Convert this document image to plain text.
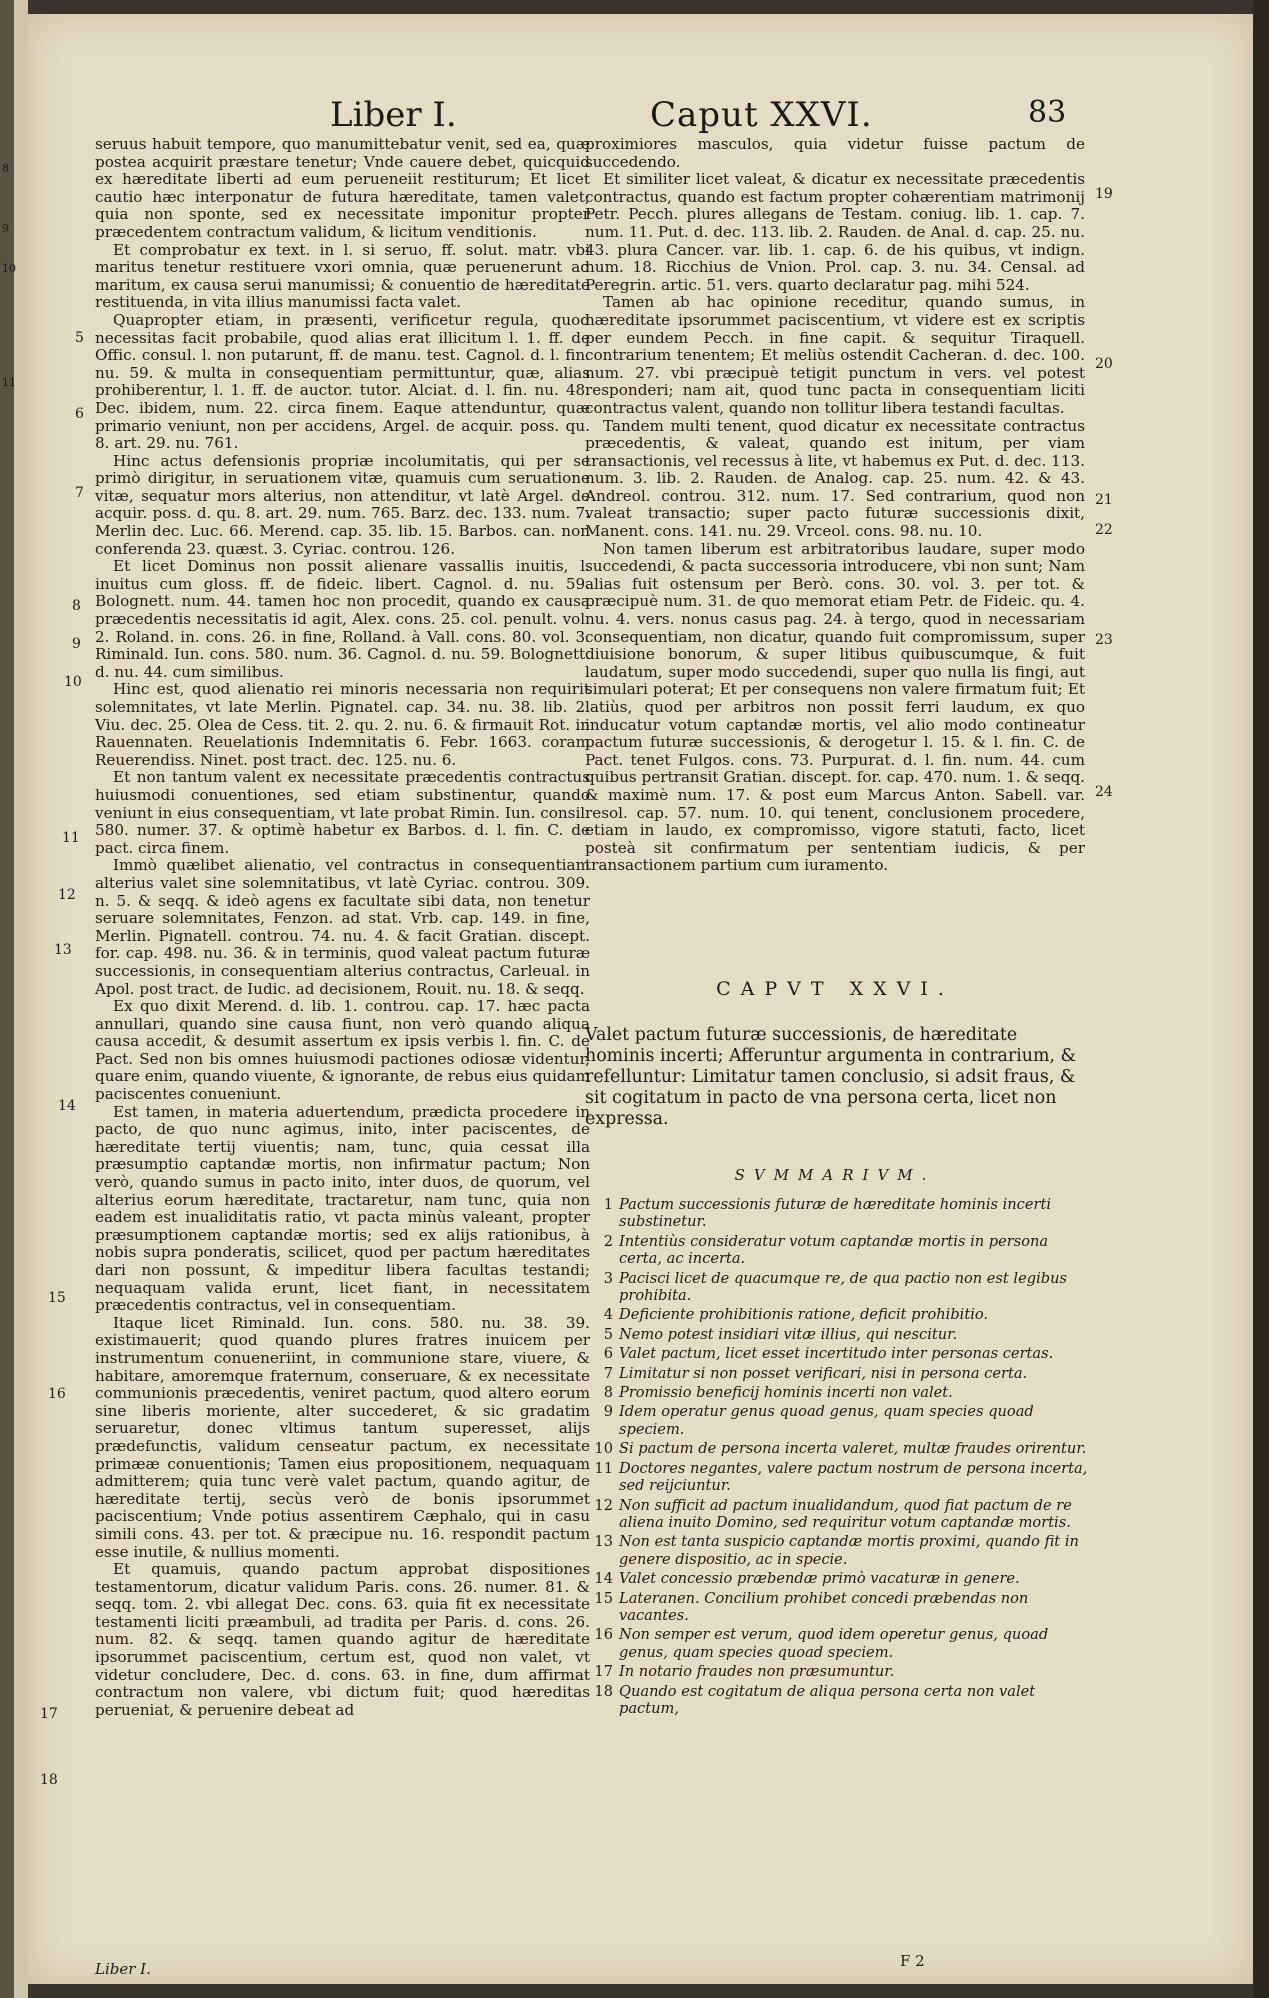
8
9
10
11
Liber I.	Caput XXVI.	83

seruus habuit tempore, quo manumittebatur venit, sed ea, quæ postea acquirit præstare tenetur; Vnde cauere debet, quicquid ex hæreditate liberti ad eum perueneiit restiturum; Et licet cautio hæc interponatur de futura hæreditate, tamen valet; quia non sponte, sed ex necessitate imponitur propter præcedentem contractum validum, & licitum venditionis.

Et comprobatur ex text. in l. si seruo, ff. solut. matr. vbi maritus tenetur restituere vxori omnia, quæ peruenerunt ad maritum, ex causa serui manumissi; & conuentio de hæreditate restituenda, in vita illius manumissi facta valet.

Quapropter etiam, in præsenti, verificetur regula, quod necessitas facit probabile, quod alias erat illicitum l. 1. ff. de Offic. consul. l. non putarunt, ff. de manu. test. Cagnol. d. l. fin. nu. 59. & multa in consequentiam permittuntur, quæ, alias prohiberentur, l. 1. ff. de auctor. tutor. Alciat. d. l. fin. nu. 48. Dec. ibidem, num. 22. circa finem. Eaque attenduntur, quæ primario veniunt, non per accidens, Argel. de acquir. poss. qu. 8. art. 29. nu. 761.

Hinc actus defensionis propriæ incolumitatis, qui per se primò dirigitur, in seruationem vitæ, quamuis cum seruatione vitæ, sequatur mors alterius, non attenditur, vt latè Argel. de acquir. poss. d. qu. 8. art. 29. num. 765. Barz. dec. 133. num. 7. Merlin dec. Luc. 66. Merend. cap. 35. lib. 15. Barbos. can. non conferenda 23. quæst. 3. Cyriac. controu. 126.

Et licet Dominus non possit alienare vassallis inuitis, l. inuitus cum gloss. ff. de fideic. libert. Cagnol. d. nu. 59. Bolognett. num. 44. tamen hoc non procedit, quando ex causa præcedentis necessitatis id agit, Alex. cons. 25. col. penult. vol. 2. Roland. in. cons. 26. in fine, Rolland. à Vall. cons. 80. vol. 3. Riminald. Iun. cons. 580. num. 36. Cagnol. d. nu. 59. Bolognett. d. nu. 44. cum similibus.

Hinc est, quod alienatio rei minoris necessaria non requirit solemnitates, vt late Merlin. Pignatel. cap. 34. nu. 38. lib. 2. Viu. dec. 25. Olea de Cess. tit. 2. qu. 2. nu. 6. & firmauit Rot. in Rauennaten. Reuelationis Indemnitatis 6. Febr. 1663. coram Reuerendiss. Ninet. post tract. dec. 125. nu. 6.

Et non tantum valent ex necessitate præcedentis contractus huiusmodi conuentiones, sed etiam substinentur, quando veniunt in eius consequentiam, vt late probat Rimin. Iun. consil. 580. numer. 37. & optimè habetur ex Barbos. d. l. fin. C. de pact. circa finem.

Immò quælibet alienatio, vel contractus in consequentiam alterius valet sine solemnitatibus, vt latè Cyriac. controu. 309. n. 5. & seqq. & ideò agens ex facultate sibi data, non tenetur seruare solemnitates, Fenzon. ad stat. Vrb. cap. 149. in fine, Merlin. Pignatell. controu. 74. nu. 4. & facit Gratian. discept. for. cap. 498. nu. 36. & in terminis, quod valeat pactum futuræ successionis, in consequentiam alterius contractus, Carleual. in Apol. post tract. de Iudic. ad decisionem, Rouit. nu. 18. & seqq.

Ex quo dixit Merend. d. lib. 1. controu. cap. 17. hæc pacta annullari, quando sine causa fiunt, non verò quando aliqua causa accedit, & desumit assertum ex ipsis verbis l. fin. C. de Pact. Sed non bis omnes huiusmodi pactiones odiosæ videntur, quare enim, quando viuente, & ignorante, de rebus eius quidam paciscentes conueniunt.

Est tamen, in materia aduertendum, prædicta procedere in pacto, de quo nunc agimus, inito, inter paciscentes, de hæreditate tertij viuentis; nam, tunc, quia cessat illa præsumptio captandæ mortis, non infirmatur pactum; Non verò, quando sumus in pacto inito, inter duos, de quorum, vel alterius eorum hæreditate, tractaretur, nam tunc, quia non eadem est inualiditatis ratio, vt pacta minùs valeant, propter præsumptionem captandæ mortis; sed ex alijs rationibus, à nobis supra ponderatis, scilicet, quod per pactum hæreditates dari non possunt, & impeditur libera facultas testandi; nequaquam valida erunt, licet fiant, in necessitatem præcedentis contractus, vel in consequentiam.

Itaque licet Riminald. Iun. cons. 580. nu. 38. 39. existimauerit; quod quando plures fratres inuicem per instrumentum conueneriint, in communione stare, viuere, & habitare, amoremque fraternum, conseruare, & ex necessitate communionis præcedentis, veniret pactum, quod altero eorum sine liberis moriente, alter succederet, & sic gradatim seruaretur, donec vltimus tantum superesset, alijs prædefunctis, validum censeatur pactum, ex necessitate primææ conuentionis; Tamen eius propositionem, nequaquam admitterem; quia tunc verè valet pactum, quando agitur, de hæreditate tertij, secùs verò de bonis ipsorummet paciscentium; Vnde potius assentirem Cæphalo, qui in casu simili cons. 43. per tot. & præcipue nu. 16. respondit pactum esse inutile, & nullius momenti.

Et quamuis, quando pactum approbat dispositiones testamentorum, dicatur validum Paris. cons. 26. numer. 81. & seqq. tom. 2. vbi allegat Dec. cons. 63. quia fit ex necessitate testamenti liciti præambuli, ad tradita per Paris. d. cons. 26. num. 82. & seqq. tamen quando agitur de hæreditate ipsorummet paciscentium, certum est, quod non valet, vt videtur concludere, Dec. d. cons. 63. in fine, dum affirmat contractum non valere, vbi dictum fuit; quod hæreditas perueniat, & peruenire debeat ad

5
6
7
8
9
10
11
12
13
14
15
16
17
18

proximiores masculos, quia videtur fuisse pactum de succedendo.

Et similiter licet valeat, & dicatur ex necessitate præcedentis contractus, quando est factum propter cohærentiam matrimonij Petr. Pecch. plures allegans de Testam. coniug. lib. 1. cap. 7. num. 11. Put. d. dec. 113. lib. 2. Rauden. de Anal. d. cap. 25. nu. 43. plura Cancer. var. lib. 1. cap. 6. de his quibus, vt indign. num. 18. Ricchius de Vnion. Prol. cap. 3. nu. 34. Censal. ad Peregrin. artic. 51. vers. quarto declaratur pag. mihi 524.

Tamen ab hac opinione receditur, quando sumus, in hæreditate ipsorummet paciscentium, vt videre est ex scriptis per eundem Pecch. in fine capit. & sequitur Tiraquell. contrarium tenentem; Et meliùs ostendit Cacheran. d. dec. 100. num. 27. vbi præcipuè tetigit punctum in vers. vel potest responderi; nam ait, quod tunc pacta in consequentiam liciti contractus valent, quando non tollitur libera testandi facultas.

Tandem multi tenent, quod dicatur ex necessitate contractus præcedentis, & valeat, quando est initum, per viam transactionis, vel recessus à lite, vt habemus ex Put. d. dec. 113. num. 3. lib. 2. Rauden. de Analog. cap. 25. num. 42. & 43. Andreol. controu. 312. num. 17. Sed contrarium, quod non valeat transactio; super pacto futuræ successionis dixit, Manent. cons. 141. nu. 29. Vrceol. cons. 98. nu. 10.

Non tamen liberum est arbitratoribus laudare, super modo succedendi, & pacta successoria introducere, vbi non sunt; Nam alias fuit ostensum per Berò. cons. 30. vol. 3. per tot. & præcipuè num. 31. de quo memorat etiam Petr. de Fideic. qu. 4. nu. 4. vers. nonus casus pag. 24. à tergo, quod in necessariam consequentiam, non dicatur, quando fuit compromissum, super diuisione bonorum, & super litibus quibuscumque, & fuit laudatum, super modo succedendi, super quo nulla lis fingi, aut simulari poterat; Et per consequens non valere firmatum fuit; Et latiùs, quod per arbitros non possit ferri laudum, ex quo inducatur votum captandæ mortis, vel alio modo contineatur pactum futuræ successionis, & derogetur l. 15. & l. fin. C. de Pact. tenet Fulgos. cons. 73. Purpurat. d. l. fin. num. 44. cum quibus pertransit Gratian. discept. for. cap. 470. num. 1. & seqq. & maximè num. 17. & post eum Marcus Anton. Sabell. var. resol. cap. 57. num. 10. qui tenent, conclusionem procedere, etiam in laudo, ex compromisso, vigore statuti, facto, licet posteà sit confirmatum per sententiam iudicis, & per transactionem partium cum iuramento.

19
20
21
22
23
24
CAPVT XXVI.
Valet pactum futuræ successionis, de hæreditate hominis incerti; Afferuntur argumenta in contrarium, & refelluntur: Limitatur tamen conclusio, si adsit fraus, & sit cogitatum in pacto de vna persona certa, licet non expressa.
SVMMARIVM.
1 Pactum successionis futuræ de hæreditate hominis incerti substinetur.
2 Intentiùs consideratur votum captandæ mortis in persona certa, ac incerta.
3 Pacisci licet de quacumque re, de qua pactio non est legibus prohibita.
4 Deficiente prohibitionis ratione, deficit prohibitio.
5 Nemo potest insidiari vitæ illius, qui nescitur.
6 Valet pactum, licet esset incertitudo inter personas certas.
7 Limitatur si non posset verificari, nisi in persona certa.
8 Promissio beneficij hominis incerti non valet.
9 Idem operatur genus quoad genus, quam species quoad speciem.
10 Si pactum de persona incerta valeret, multæ fraudes orirentur.
11 Doctores negantes, valere pactum nostrum de persona incerta, sed reijciuntur.
12 Non sufficit ad pactum inualidandum, quod fiat pactum de re aliena inuito Domino, sed requiritur votum captandæ mortis.
13 Non est tanta suspicio captandæ mortis proximi, quando fit in genere dispositio, ac in specie.
14 Valet concessio præbendæ primò vacaturæ in genere.
15 Lateranen. Concilium prohibet concedi præbendas non vacantes.
16 Non semper est verum, quod idem operetur genus, quoad genus, quam species quoad speciem.
17 In notario fraudes non præsumuntur.
18 Quando est cogitatum de aliqua persona certa non valet pactum,
Liber I.	F 2
